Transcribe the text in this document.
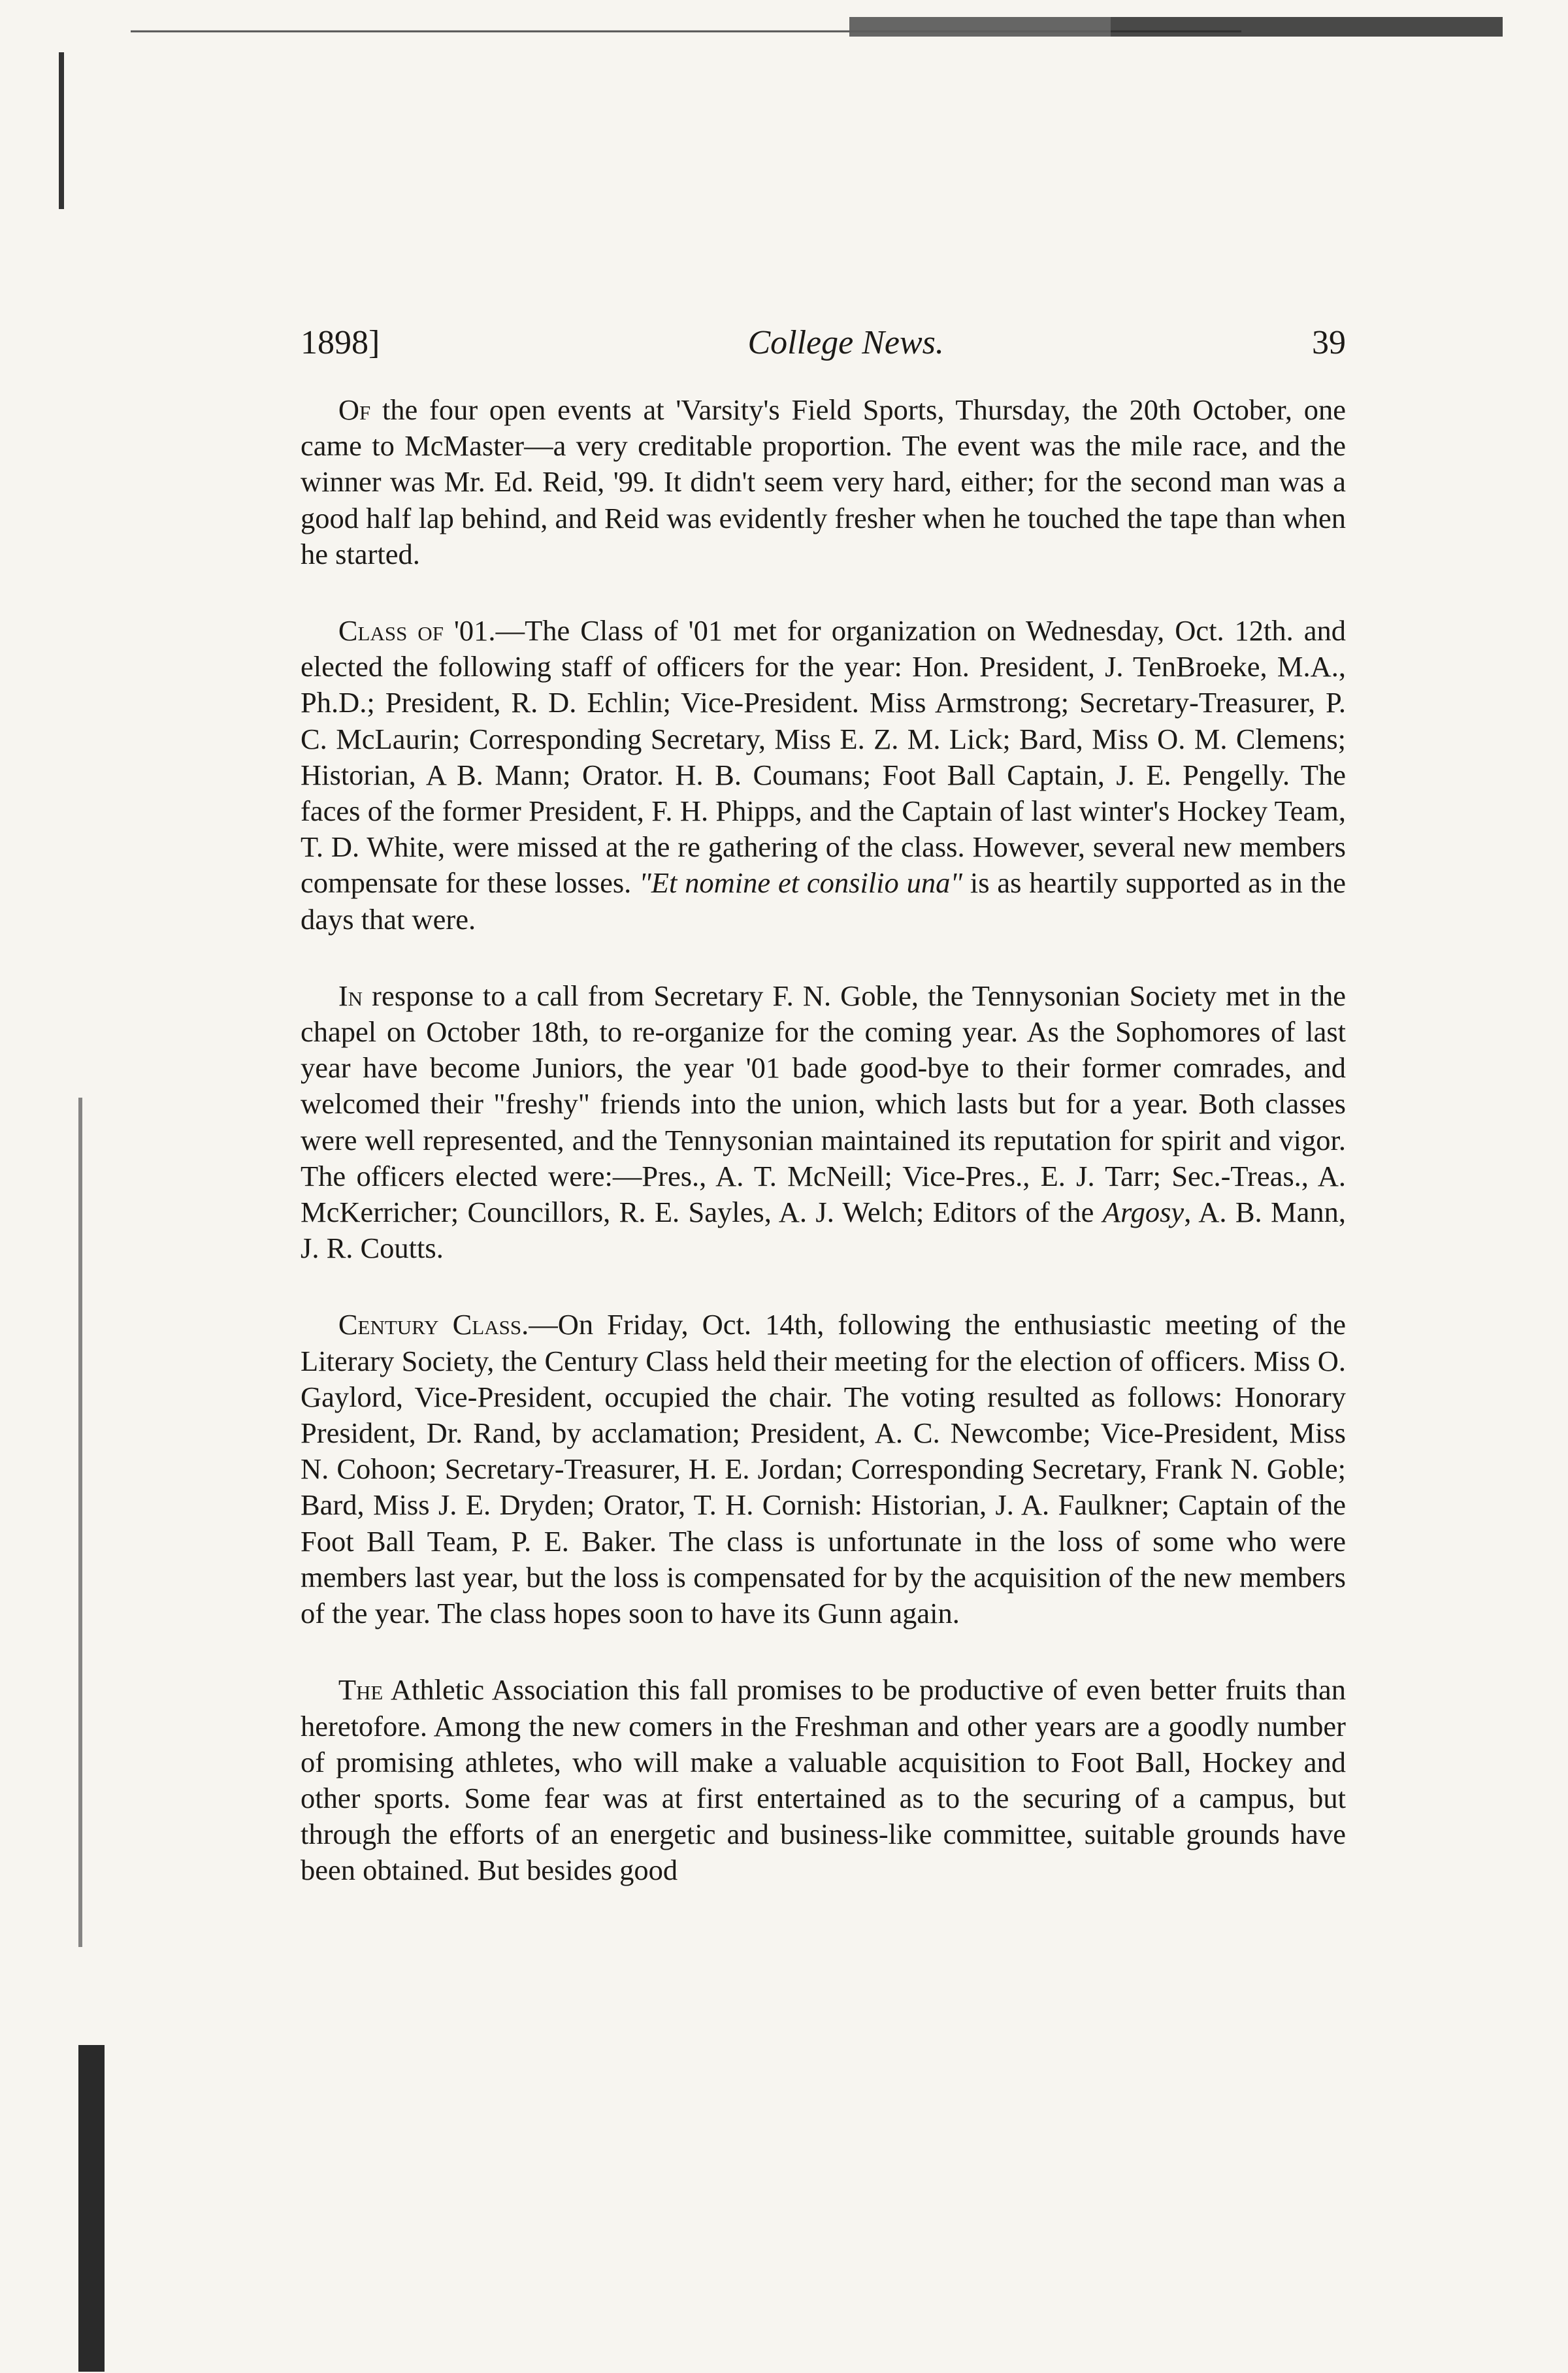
1898]	College News.	39

Of the four open events at 'Varsity's Field Sports, Thursday, the 20th October, one came to McMaster—a very creditable proportion. The event was the mile race, and the winner was Mr. Ed. Reid, '99. It didn't seem very hard, either; for the second man was a good half lap behind, and Reid was evidently fresher when he touched the tape than when he started.

Class of '01.—The Class of '01 met for organization on Wednesday, Oct. 12th. and elected the following staff of officers for the year: Hon. President, J. TenBroeke, M.A., Ph.D.; President, R. D. Echlin; Vice-President. Miss Armstrong; Secretary-Treasurer, P. C. McLaurin; Corresponding Secretary, Miss E. Z. M. Lick; Bard, Miss O. M. Clemens; Historian, A B. Mann; Orator. H. B. Coumans; Foot Ball Captain, J. E. Pengelly. The faces of the former President, F. H. Phipps, and the Captain of last winter's Hockey Team, T. D. White, were missed at the re gathering of the class. However, several new members compensate for these losses. "Et nomine et consilio una" is as heartily supported as in the days that were.

In response to a call from Secretary F. N. Goble, the Tennysonian Society met in the chapel on October 18th, to re-organize for the coming year. As the Sophomores of last year have become Juniors, the year '01 bade good-bye to their former comrades, and welcomed their "freshy" friends into the union, which lasts but for a year. Both classes were well represented, and the Tennysonian maintained its reputation for spirit and vigor. The officers elected were:—Pres., A. T. McNeill; Vice-Pres., E. J. Tarr; Sec.-Treas., A. McKerricher; Councillors, R. E. Sayles, A. J. Welch; Editors of the Argosy, A. B. Mann, J. R. Coutts.

Century Class.—On Friday, Oct. 14th, following the enthusiastic meeting of the Literary Society, the Century Class held their meeting for the election of officers. Miss O. Gaylord, Vice-President, occupied the chair. The voting resulted as follows: Honorary President, Dr. Rand, by acclamation; President, A. C. Newcombe; Vice-President, Miss N. Cohoon; Secretary-Treasurer, H. E. Jordan; Corresponding Secretary, Frank N. Goble; Bard, Miss J. E. Dryden; Orator, T. H. Cornish: Historian, J. A. Faulkner; Captain of the Foot Ball Team, P. E. Baker. The class is unfortunate in the loss of some who were members last year, but the loss is compensated for by the acquisition of the new members of the year. The class hopes soon to have its Gunn again.

The Athletic Association this fall promises to be productive of even better fruits than heretofore. Among the new comers in the Freshman and other years are a goodly number of promising athletes, who will make a valuable acquisition to Foot Ball, Hockey and other sports. Some fear was at first entertained as to the securing of a campus, but through the efforts of an energetic and business-like committee, suitable grounds have been obtained. But besides good
